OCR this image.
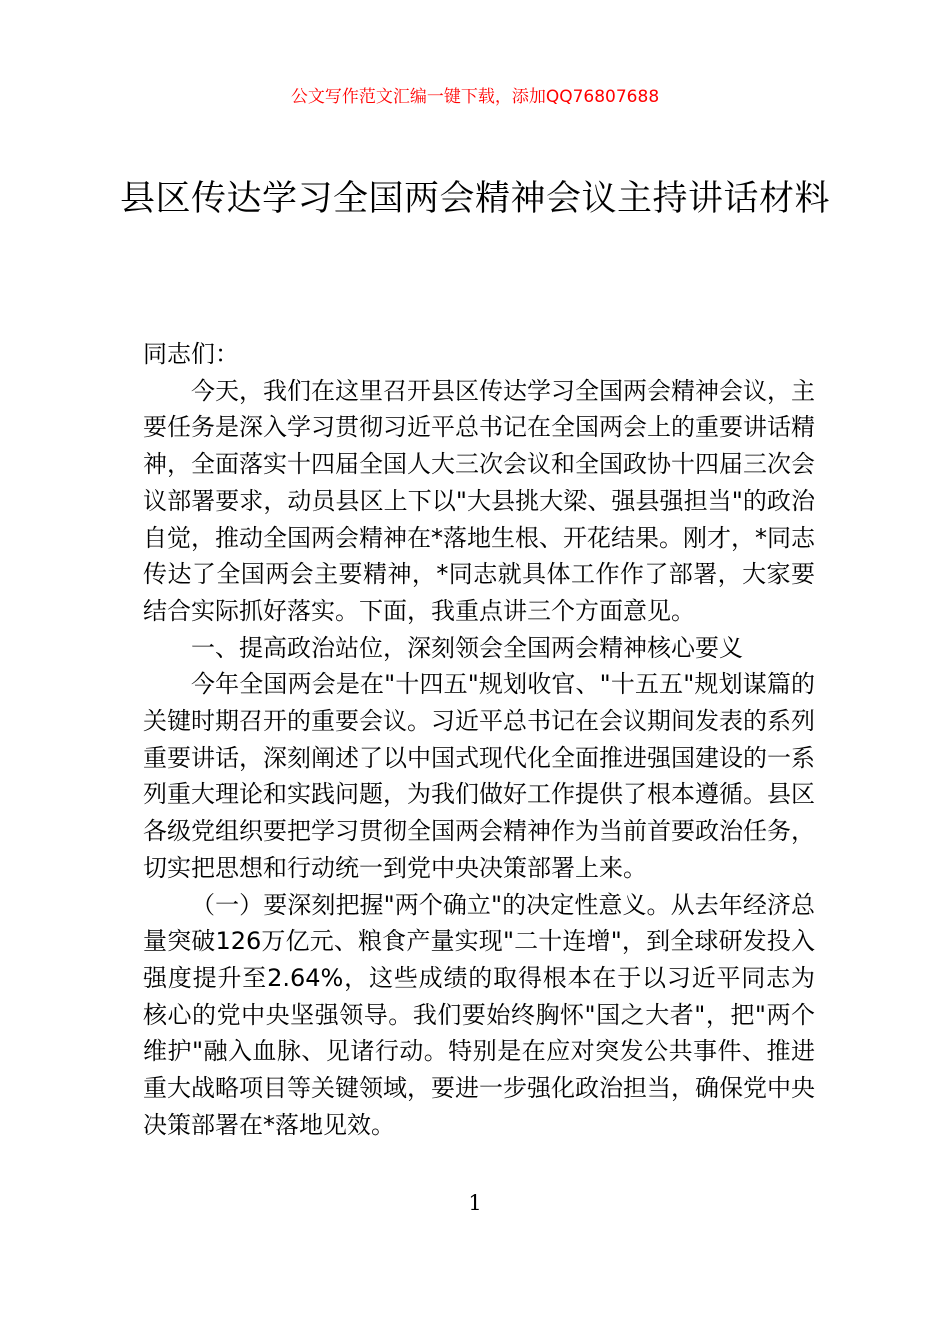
公文写作范文汇编一键下载，添加QQ76807688
县区传达学习全国两会精神会议主持讲话材料

同志们：

今天，我们在这里召开县区传达学习全国两会精神会议，主要任务是深入学习贯彻习近平总书记在全国两会上的重要讲话精神，全面落实十四届全国人大三次会议和全国政协十四届三次会议部署要求，动员县区上下以"大县挑大梁、强县强担当"的政治自觉，推动全国两会精神在*落地生根、开花结果。刚才，*同志传达了全国两会主要精神，*同志就具体工作作了部署，大家要结合实际抓好落实。下面，我重点讲三个方面意见。

一、提高政治站位，深刻领会全国两会精神核心要义

今年全国两会是在"十四五"规划收官、"十五五"规划谋篇的关键时期召开的重要会议。习近平总书记在会议期间发表的系列重要讲话，深刻阐述了以中国式现代化全面推进强国建设的一系列重大理论和实践问题，为我们做好工作提供了根本遵循。县区各级党组织要把学习贯彻全国两会精神作为当前首要政治任务，切实把思想和行动统一到党中央决策部署上来。

（一）要深刻把握"两个确立"的决定性意义。从去年经济总量突破126万亿元、粮食产量实现"二十连增"，到全球研发投入强度提升至2.64%，这些成绩的取得根本在于以习近平同志为核心的党中央坚强领导。我们要始终胸怀"国之大者"，把"两个维护"融入血脉、见诸行动。特别是在应对突发公共事件、推进重大战略项目等关键领域，要进一步强化政治担当，确保党中央决策部署在*落地见效。

1
